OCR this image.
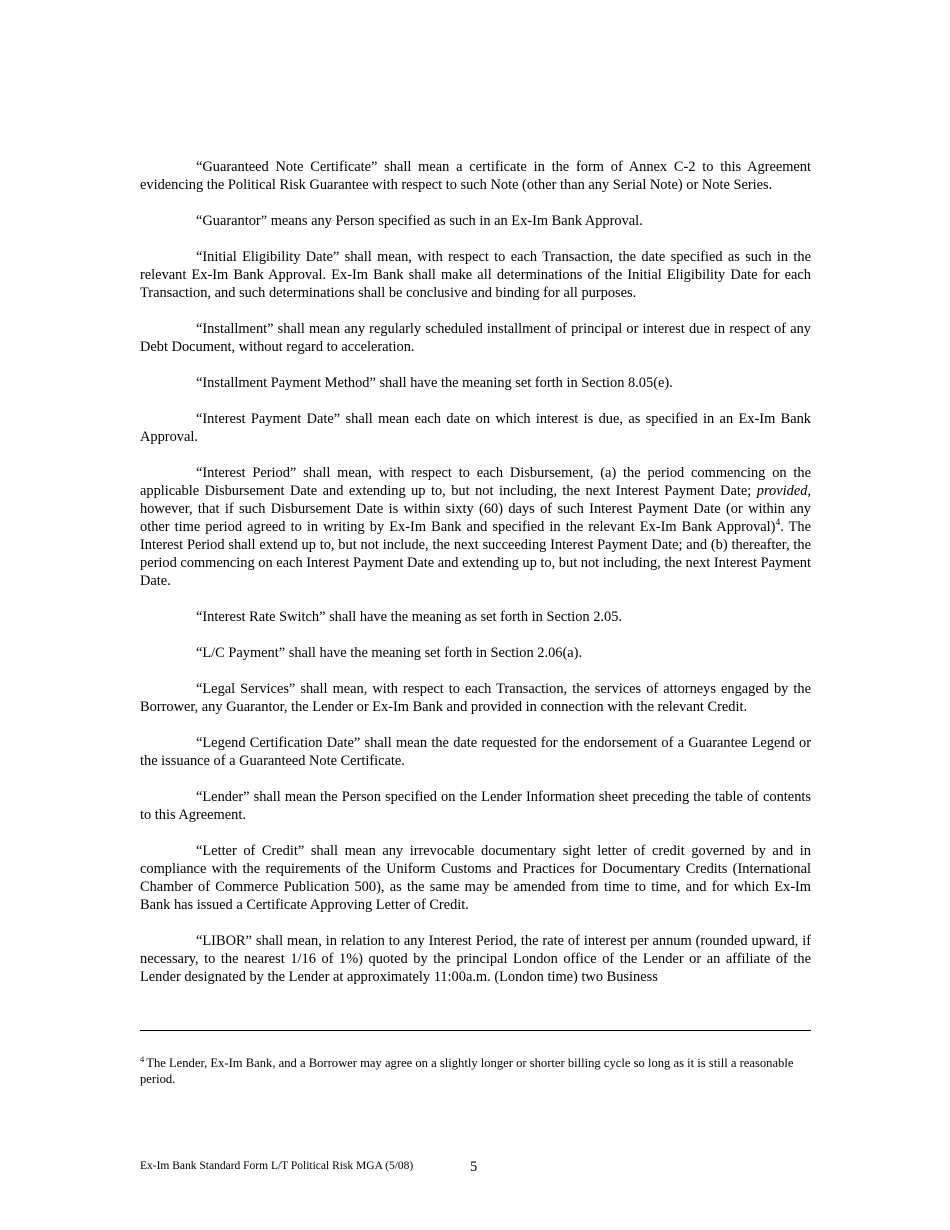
“Guaranteed Note Certificate” shall mean a certificate in the form of Annex C-2 to this Agreement evidencing the Political Risk Guarantee with respect to such Note (other than any Serial Note) or Note Series.

“Guarantor” means any Person specified as such in an Ex-Im Bank Approval.

“Initial Eligibility Date” shall mean, with respect to each Transaction, the date specified as such in the relevant Ex-Im Bank Approval. Ex-Im Bank shall make all determinations of the Initial Eligibility Date for each Transaction, and such determinations shall be conclusive and binding for all purposes.

“Installment” shall mean any regularly scheduled installment of principal or interest due in respect of any Debt Document, without regard to acceleration.

“Installment Payment Method” shall have the meaning set forth in Section 8.05(e).

“Interest Payment Date” shall mean each date on which interest is due, as specified in an Ex-Im Bank Approval.

“Interest Period” shall mean, with respect to each Disbursement, (a) the period commencing on the applicable Disbursement Date and extending up to, but not including, the next Interest Payment Date; provided, however, that if such Disbursement Date is within sixty (60) days of such Interest Payment Date (or within any other time period agreed to in writing by Ex-Im Bank and specified in the relevant Ex-Im Bank Approval)$^4$. The Interest Period shall extend up to, but not include, the next succeeding Interest Payment Date; and (b) thereafter, the period commencing on each Interest Payment Date and extending up to, but not including, the next Interest Payment Date.

“Interest Rate Switch” shall have the meaning as set forth in Section 2.05.

“L/C Payment” shall have the meaning set forth in Section 2.06(a).

“Legal Services” shall mean, with respect to each Transaction, the services of attorneys engaged by the Borrower, any Guarantor, the Lender or Ex-Im Bank and provided in connection with the relevant Credit.

“Legend Certification Date” shall mean the date requested for the endorsement of a Guarantee Legend or the issuance of a Guaranteed Note Certificate.

“Lender” shall mean the Person specified on the Lender Information sheet preceding the table of contents to this Agreement.

“Letter of Credit” shall mean any irrevocable documentary sight letter of credit governed by and in compliance with the requirements of the Uniform Customs and Practices for Documentary Credits (International Chamber of Commerce Publication 500), as the same may be amended from time to time, and for which Ex-Im Bank has issued a Certificate Approving Letter of Credit.

“LIBOR” shall mean, in relation to any Interest Period, the rate of interest per annum (rounded upward, if necessary, to the nearest 1/16 of 1%) quoted by the principal London office of the Lender or an affiliate of the Lender designated by the Lender at approximately 11:00a.m. (London time) two Business

$^4$ The Lender, Ex-Im Bank, and a Borrower may agree on a slightly longer or shorter billing cycle so long as it is still a reasonable period.
Ex-Im Bank Standard Form L/T Political Risk MGA (5/08)	5
